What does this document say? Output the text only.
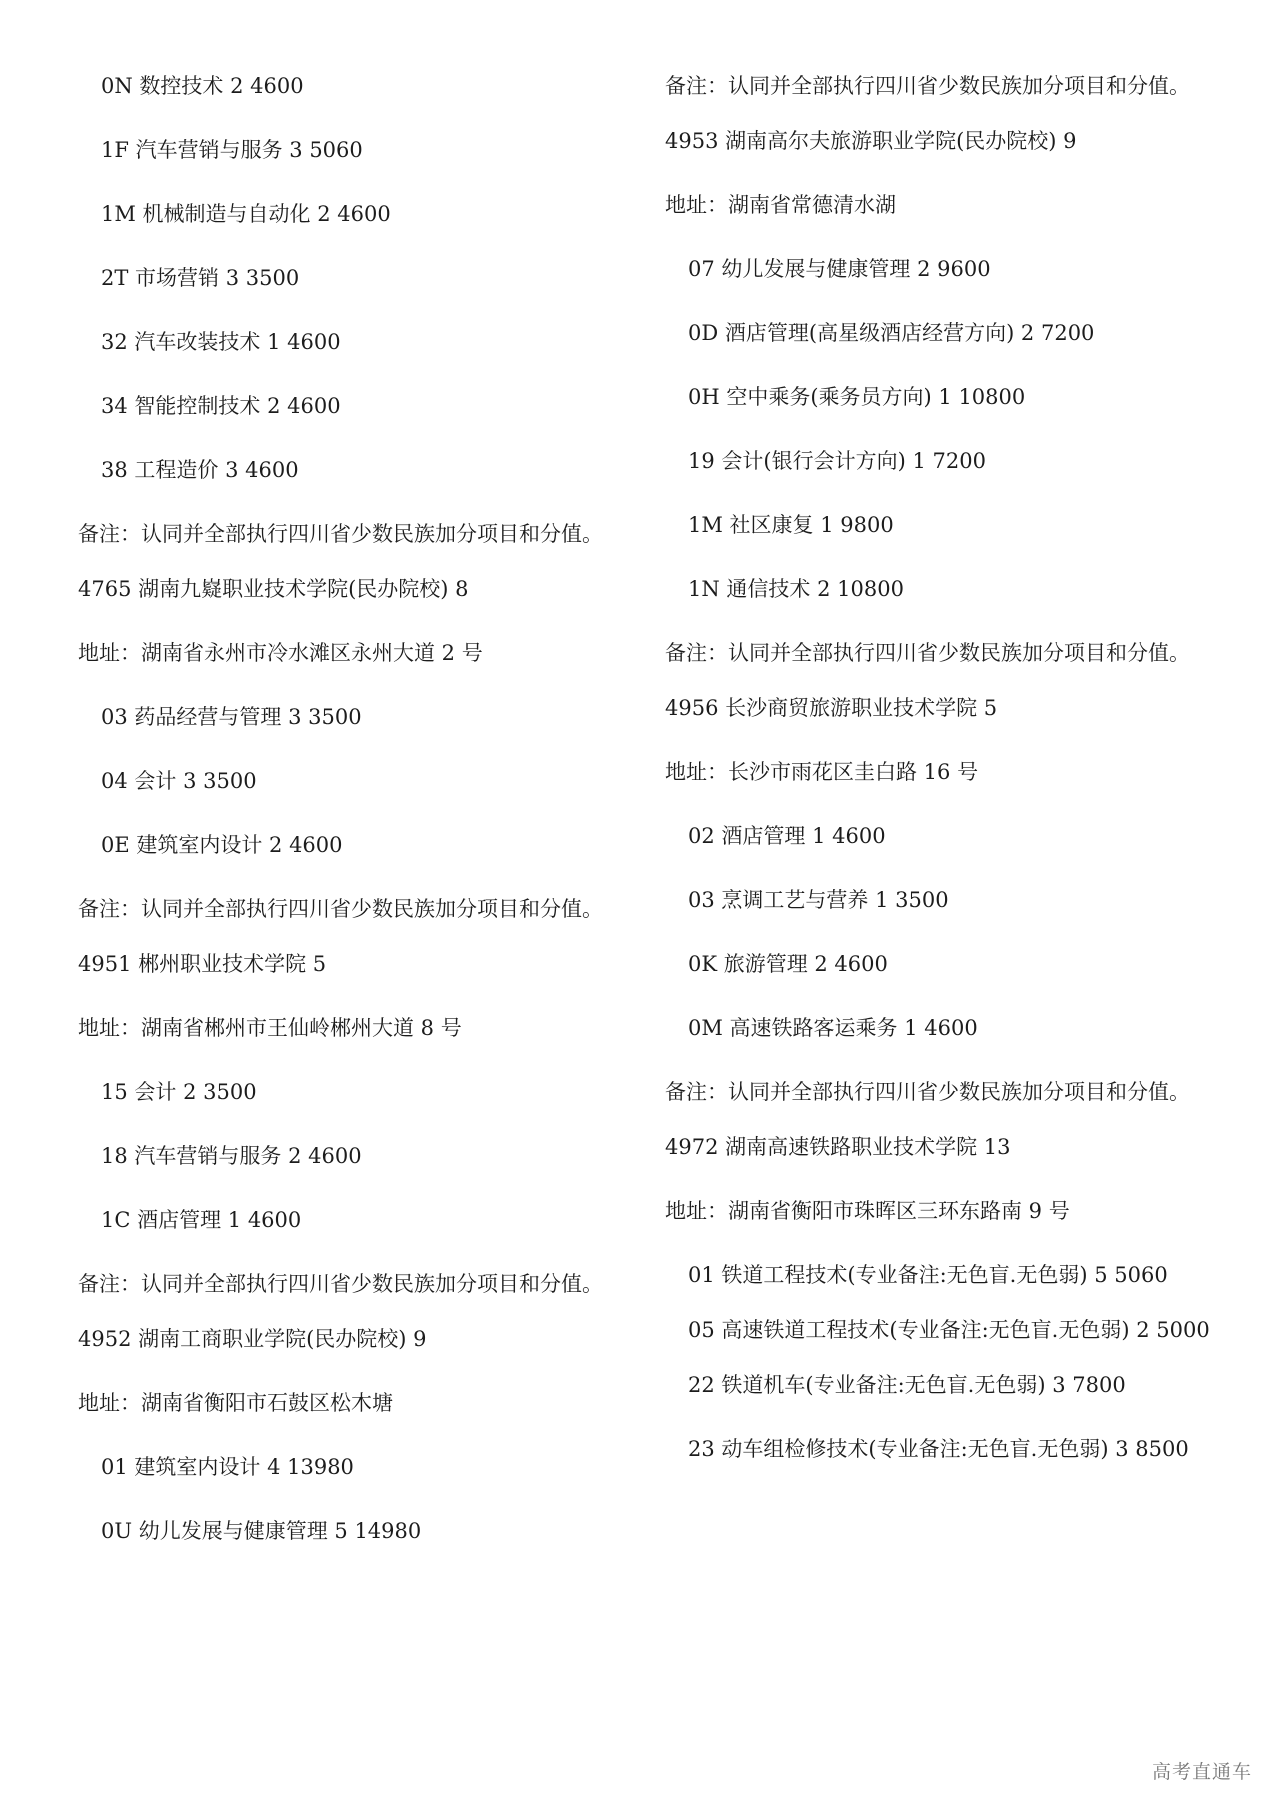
0N 数控技术 2 4600
1F 汽车营销与服务 3 5060
1M 机械制造与自动化 2 4600
2T 市场营销 3 3500
32 汽车改装技术 1 4600
34 智能控制技术 2 4600
38 工程造价 3 4600
备注：认同并全部执行四川省少数民族加分项目和分值。
4765 湖南九嶷职业技术学院(民办院校) 8
地址：湖南省永州市冷水滩区永州大道 2 号
03 药品经营与管理 3 3500
04 会计 3 3500
0E 建筑室内设计 2 4600
备注：认同并全部执行四川省少数民族加分项目和分值。
4951 郴州职业技术学院 5
地址：湖南省郴州市王仙岭郴州大道 8 号
15 会计 2 3500
18 汽车营销与服务 2 4600
1C 酒店管理 1 4600
备注：认同并全部执行四川省少数民族加分项目和分值。
4952 湖南工商职业学院(民办院校) 9
地址：湖南省衡阳市石鼓区松木塘
01 建筑室内设计 4 13980
0U 幼儿发展与健康管理 5 14980
备注：认同并全部执行四川省少数民族加分项目和分值。
4953 湖南高尔夫旅游职业学院(民办院校) 9
地址：湖南省常德清水湖
07 幼儿发展与健康管理 2 9600
0D 酒店管理(高星级酒店经营方向) 2 7200
0H 空中乘务(乘务员方向) 1 10800
19 会计(银行会计方向) 1 7200
1M 社区康复 1 9800
1N 通信技术 2 10800
备注：认同并全部执行四川省少数民族加分项目和分值。
4956 长沙商贸旅游职业技术学院 5
地址：长沙市雨花区圭白路 16 号
02 酒店管理 1 4600
03 烹调工艺与营养 1 3500
0K 旅游管理 2 4600
0M 高速铁路客运乘务 1 4600
备注：认同并全部执行四川省少数民族加分项目和分值。
4972 湖南高速铁路职业技术学院 13
地址：湖南省衡阳市珠晖区三环东路南 9 号
01 铁道工程技术(专业备注:无色盲.无色弱) 5 5060
05 高速铁道工程技术(专业备注:无色盲.无色弱) 2 5000
22 铁道机车(专业备注:无色盲.无色弱) 3 7800
23 动车组检修技术(专业备注:无色盲.无色弱) 3 8500
高考直通车
